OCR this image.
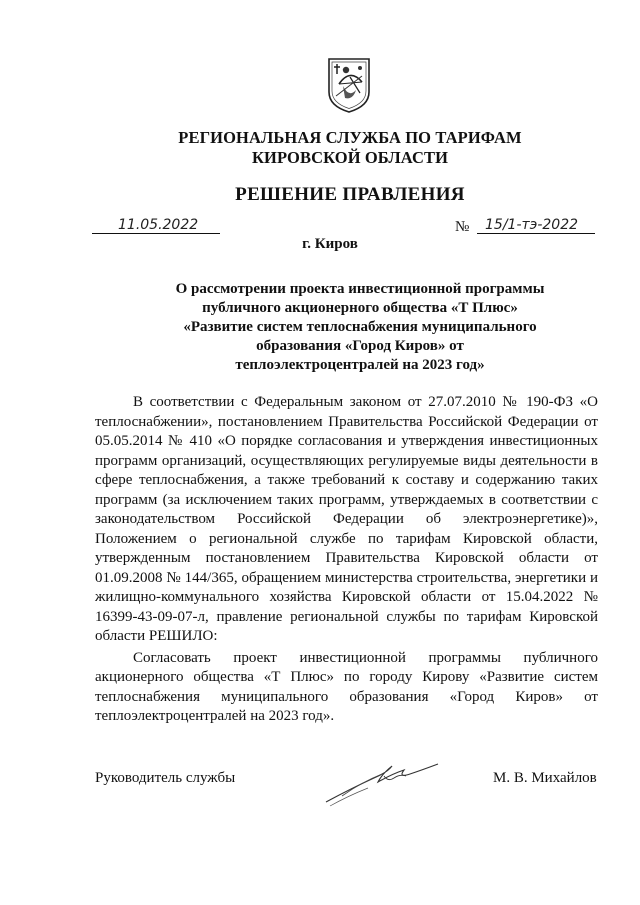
РЕГИОНАЛЬНАЯ СЛУЖБА ПО ТАРИФАМ
КИРОВСКОЙ ОБЛАСТИ
РЕШЕНИЕ ПРАВЛЕНИЯ
11.05.2022	№ 15/1-тэ-2022
г. Киров
О рассмотрении проекта инвестиционной программы
публичного акционерного общества «Т Плюс»
«Развитие систем теплоснабжения муниципального
образования «Город Киров» от
теплоэлектроцентралей на 2023 год»

В соответствии с Федеральным законом от 27.07.2010 № 190-ФЗ «О теплоснабжении», постановлением Правительства Российской Федерации от 05.05.2014 № 410 «О порядке согласования и утверждения инвестиционных программ организаций, осуществляющих регулируемые виды деятельности в сфере теплоснабжения, а также требований к составу и содержанию таких программ (за исключением таких программ, утверждаемых в соответствии с законодательством Российской Федерации об электроэнергетике)», Положением о региональной службе по тарифам Кировской области, утвержденным постановлением Правительства Кировской области от 01.09.2008 № 144/365, обращением министерства строительства, энергетики и жилищно-коммунального хозяйства Кировской области от 15.04.2022 № 16399-43-09-07-л, правление региональной службы по тарифам Кировской области РЕШИЛО:

Согласовать проект инвестиционной программы публичного акционерного общества «Т Плюс» по городу Кирову «Развитие систем теплоснабжения муниципального образования «Город Киров» от теплоэлектроцентралей на 2023 год».

Руководитель службы	М. В. Михайлов
